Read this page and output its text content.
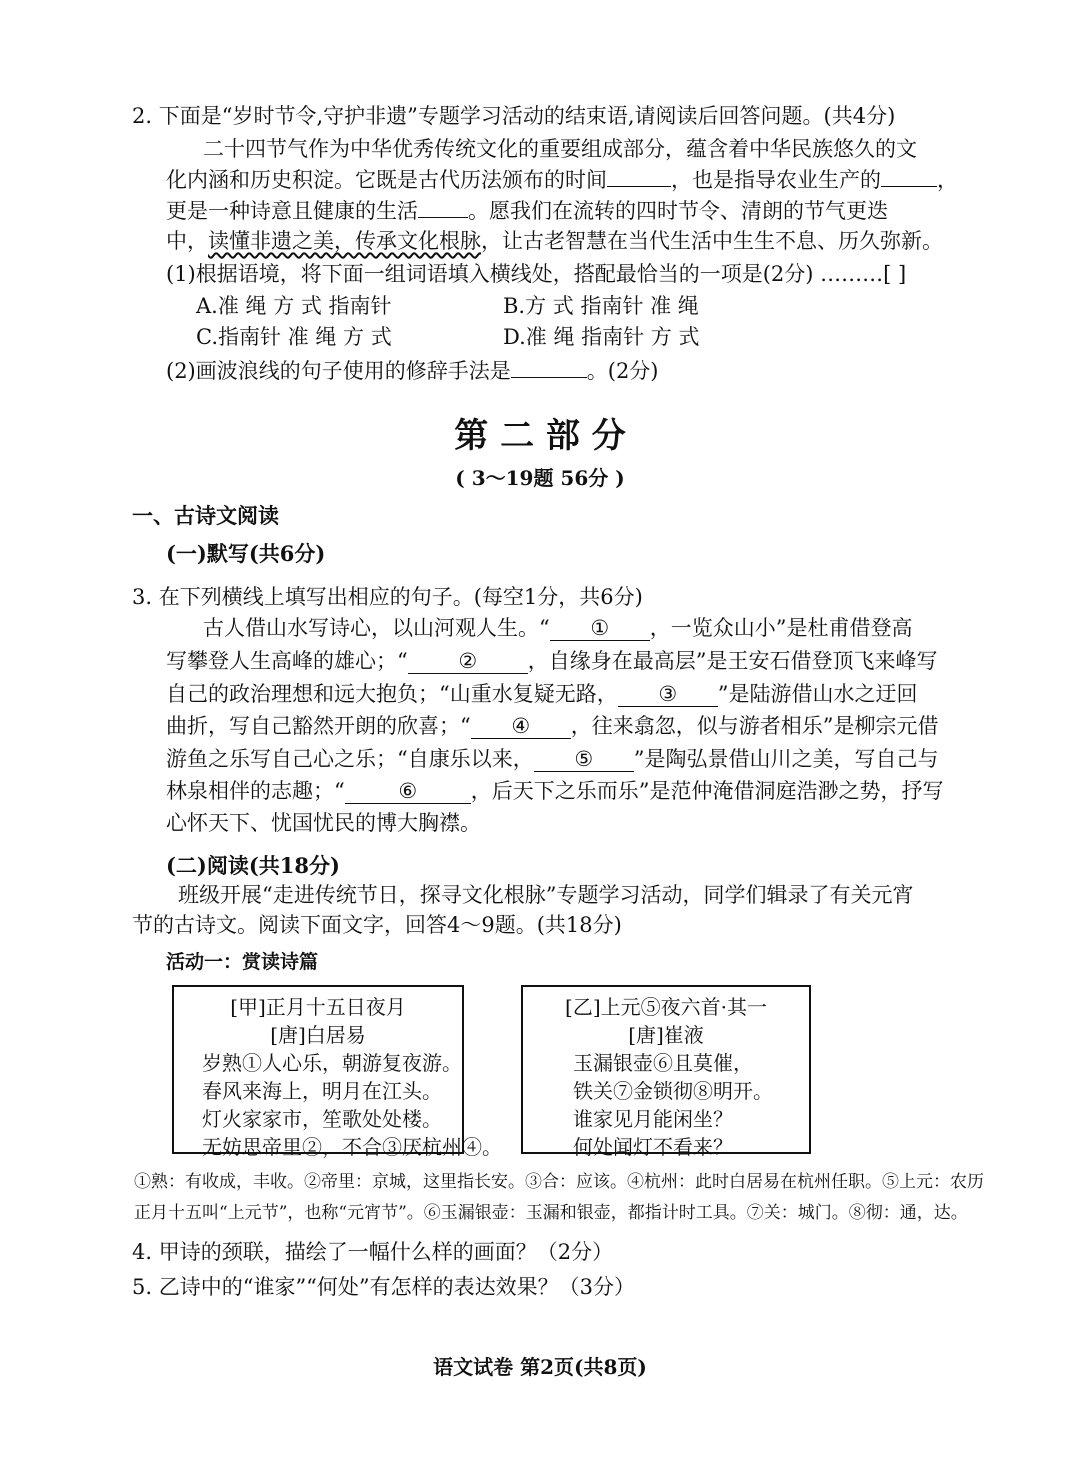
2. 下面是“岁时节令,守护非遗”专题学习活动的结束语,请阅读后回答问题。(共4分)
二十四节气作为中华优秀传统文化的重要组成部分，蕴含着中华民族悠久的文
化内涵和历史积淀。它既是古代历法颁布的时间	，也是指导农业生产的	，
更是一种诗意且健康的生活 。愿我们在流转的四时节令、清朗的节气更迭
中，读懂非遗之美，传承文化根脉，让古老智慧在当代生活中生生不息、历久弥新。
(1)根据语境，将下面一组词语填入横线处，搭配最恰当的一项是(2分) ………[ ]
A.准 绳 方 式 指南针	B.方 式 指南针 准 绳
C.指南针 准 绳 方 式	D.准 绳 指南针 方 式
(2)画波浪线的句子使用的修辞手法是	。(2分)
第 二 部 分
( 3～19题 56分 )
一、古诗文阅读
(一)默写(共6分)
3. 在下列横线上填写出相应的句子。(每空1分，共6分)
古人借山水写诗心，以山河观人生。“ ① ，一览众山小”是杜甫借登高
写攀登人生高峰的雄心；“ ② ，自缘身在最高层”是王安石借登顶飞来峰写
自己的政治理想和远大抱负；“山重水复疑无路， ③ ”是陆游借山水之迂回
曲折，写自己豁然开朗的欣喜；“ ④ ，往来翕忽，似与游者相乐”是柳宗元借
游鱼之乐写自己心之乐；“自康乐以来， ⑤ ”是陶弘景借山川之美，写自己与
林泉相伴的志趣；“	⑥	，后天下之乐而乐”是范仲淹借洞庭浩渺之势，抒写
心怀天下、忧国忧民的博大胸襟。
(二)阅读(共18分)
班级开展“走进传统节日，探寻文化根脉”专题学习活动，同学们辑录了有关元宵
节的古诗文。阅读下面文字，回答4～9题。(共18分)
活动一：赏读诗篇
[甲]正月十五日夜月
[唐]白居易
岁熟①人心乐，朝游复夜游。
春风来海上，明月在江头。
灯火家家市，笙歌处处楼。
无妨思帝里②，不合③厌杭州④。
[乙]上元⑤夜六首·其一
[唐]崔液
玉漏银壶⑥且莫催，
铁关⑦金锁彻⑧明开。
谁家见月能闲坐？
何处闻灯不看来？
①熟：有收成，丰收。②帝里：京城，这里指长安。③合：应该。④杭州：此时白居易在杭州任职。⑤上元：农历
正月十五叫“上元节”，也称“元宵节”。⑥玉漏银壶：玉漏和银壶，都指计时工具。⑦关：城门。⑧彻：通，达。
4. 甲诗的颈联，描绘了一幅什么样的画面？（2分）
5. 乙诗中的“谁家”“何处”有怎样的表达效果？（3分）
语文试卷 第2页(共8页)
